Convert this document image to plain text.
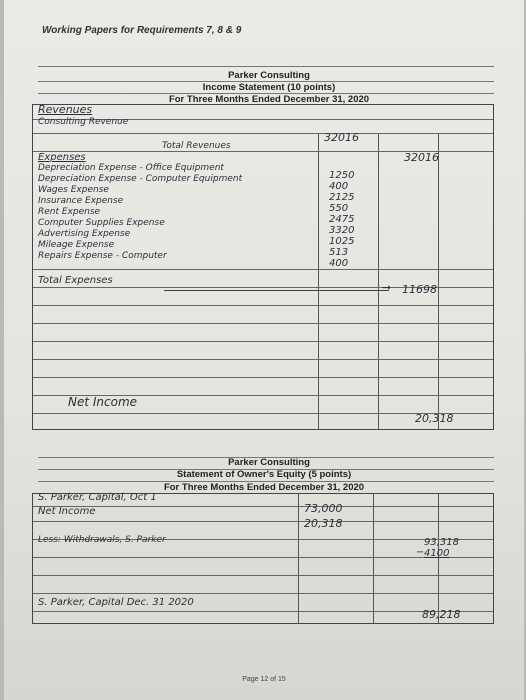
Working Papers for Requirements 7, 8 & 9
Parker Consulting
Income Statement (10 points)
For Three Months Ended December 31, 2020
Revenues
Consulting Revenue
32016
Total Revenues
32016
Expenses
Depreciation Expense - Office Equipment
Depreciation Expense - Computer Equipment
Wages Expense
Insurance Expense
Rent Expense
Computer Supplies Expense
Advertising Expense
Mileage Expense
Repairs Expense - Computer
1250
400
2125
550
2475
3320
1025
513
400
Total Expenses
➞ 11698
Net Income
20,318
Parker Consulting
Statement of Owner's Equity (5 points)
For Three Months Ended December 31, 2020
S. Parker, Capital, Oct 1
73,000
Net Income
20,318
Less: Withdrawals, S. Parker	93,318
− 4100
S. Parker, Capital Dec. 31 2020
89,218
Page 12 of 15
